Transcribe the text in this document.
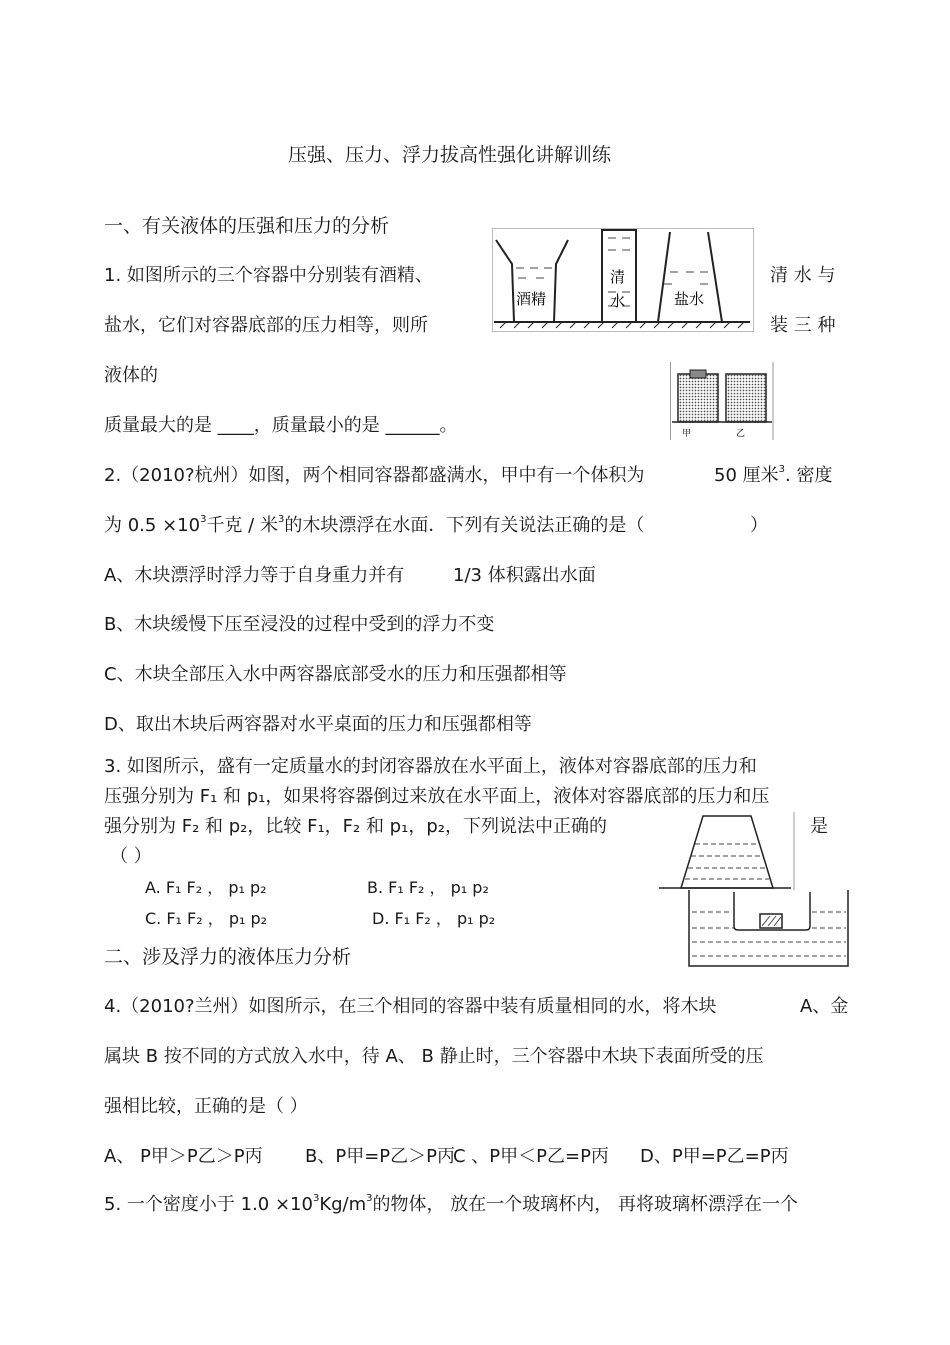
压强、压力、浮力拔高性强化讲解训练
一、有关液体的压强和压力的分析
1. 如图所示的三个容器中分别装有酒精、	清 水 与
盐水，它们对容器底部的压力相等，则所	装 三 种
液体的
质量最大的是 ____，质量最小的是 ______。
酒精
清
水	盐水
甲	乙
2.（2010?杭州）如图，两个相同容器都盛满水，甲中有一个体积为	50 厘米$^3$. 密度
为 $0.5 \times 10^3$千克 / 米$^3$的木块漂浮在水面．下列有关说法正确的是（	）
A、木块漂浮时浮力等于自身重力并有	1/3 体积露出水面
B、木块缓慢下压至浸没的过程中受到的浮力不变
C、木块全部压入水中两容器底部受水的压力和压强都相等
D、取出木块后两容器对水平桌面的压力和压强都相等
3. 如图所示，盛有一定质量水的封闭容器放在水平面上，液体对容器底部的压力和
压强分别为 F₁ 和 p₁，如果将容器倒过来放在水平面上，液体对容器底部的压力和压
强分别为 F₂ 和 p₂，比较 F₁，F₂ 和 p₁，p₂，下列说法中正确的	是
（ ）
A. F₁ F₂ ， p₁ p₂	B. F₁ F₂ ， p₁ p₂
C. F₁ F₂ ， p₁ p₂	D. F₁ F₂ ， p₁ p₂
二、涉及浮力的液体压力分析
4.（2010?兰州）如图所示，在三个相同的容器中装有质量相同的水，将木块	A、金
属块 B 按不同的方式放入水中，待 A、 B 静止时，三个容器中木块下表面所受的压
强相比较，正确的是（ ）
A、 P甲＞P乙＞P丙 B、P甲=P乙＞P丙
C 、P甲＜P乙=P丙 D、P甲=P乙=P丙
5. 一个密度小于 $1.0 \times 10^3Kg/m^3$的物体， 放在一个玻璃杯内， 再将玻璃杯漂浮在一个
